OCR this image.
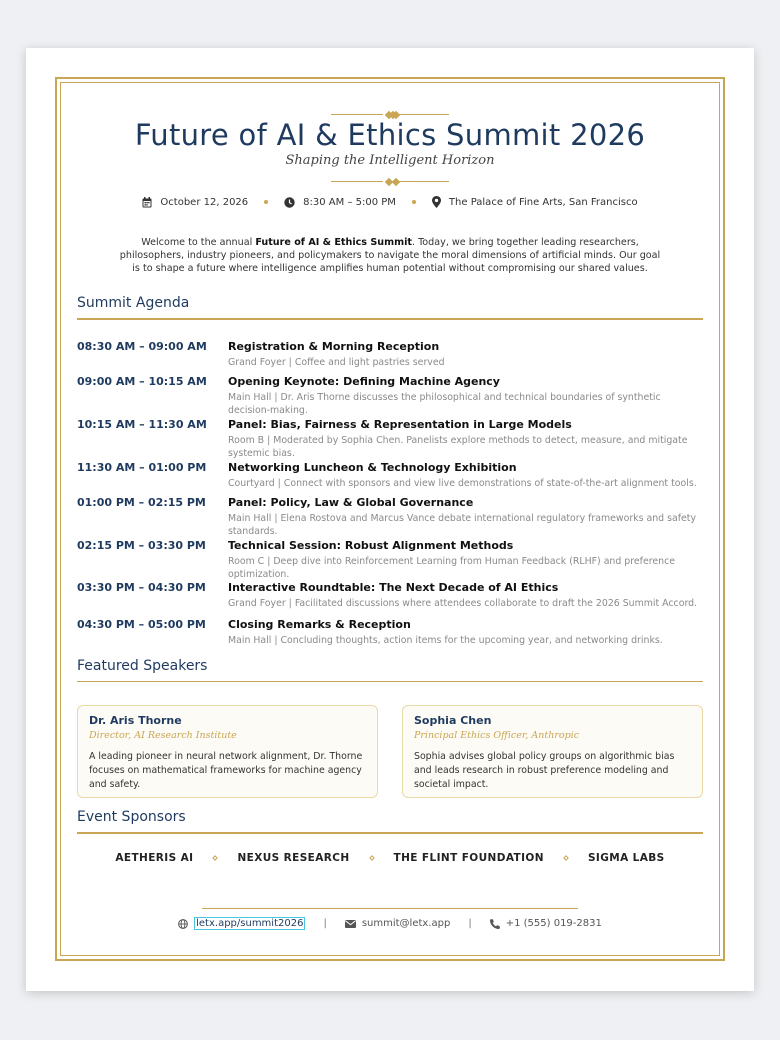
Future of AI & Ethics Summit 2026
Shaping the Intelligent Horizon
October 12, 2026	8:30 AM – 5:00 PM	The Palace of Fine Arts, San Francisco
Welcome to the annual Future of AI & Ethics Summit. Today, we bring together leading researchers, philosophers, industry pioneers, and policymakers to navigate the moral dimensions of artificial minds. Our goal is to shape a future where intelligence amplifies human potential without compromising our shared values.
Summit Agenda
08:30 AM – 09:00 AM Registration & Morning Reception
Grand Foyer | Coffee and light pastries served
09:00 AM – 10:15 AM Opening Keynote: Defining Machine Agency
Main Hall | Dr. Aris Thorne discusses the philosophical and technical boundaries of synthetic decision-making.
10:15 AM – 11:30 AM Panel: Bias, Fairness & Representation in Large Models
Room B | Moderated by Sophia Chen. Panelists explore methods to detect, measure, and mitigate systemic bias.
11:30 AM – 01:00 PM Networking Luncheon & Technology Exhibition
Courtyard | Connect with sponsors and view live demonstrations of state-of-the-art alignment tools.
01:00 PM – 02:15 PM Panel: Policy, Law & Global Governance
Main Hall | Elena Rostova and Marcus Vance debate international regulatory frameworks and safety standards.
02:15 PM – 03:30 PM Technical Session: Robust Alignment Methods
Room C | Deep dive into Reinforcement Learning from Human Feedback (RLHF) and preference optimization.
03:30 PM – 04:30 PM Interactive Roundtable: The Next Decade of AI Ethics
Grand Foyer | Facilitated discussions where attendees collaborate to draft the 2026 Summit Accord.
04:30 PM – 05:00 PM Closing Remarks & Reception
Main Hall | Concluding thoughts, action items for the upcoming year, and networking drinks.
Featured Speakers
Dr. Aris Thorne
Director, AI Research Institute
A leading pioneer in neural network alignment, Dr. Thorne focuses on mathematical frameworks for machine agency and safety.
Sophia Chen
Principal Ethics Officer, Anthropic
Sophia advises global policy groups on algorithmic bias and leads research in robust preference modeling and societal impact.
Event Sponsors
AETHERIS AI	NEXUS RESEARCH	THE FLINT FOUNDATION	SIGMA LABS
letx.app/summit2026 |	summit@letx.app |	+1 (555) 019-2831
